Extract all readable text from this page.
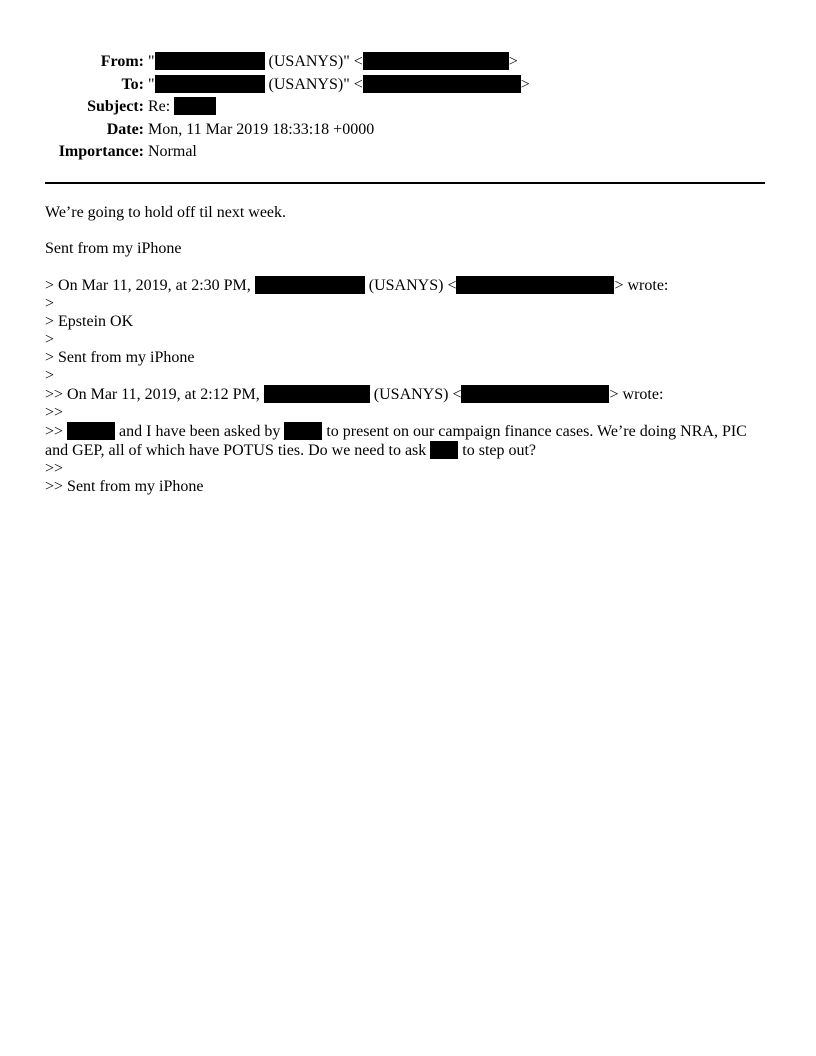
From: "	(USANYS)" <	>
To: "	(USANYS)" <	>
Subject: Re:
Date: Mon, 11 Mar 2019 18:33:18 +0000
Importance: Normal
We’re going to hold off til next week.
Sent from my iPhone
> On Mar 11, 2019, at 2:30 PM,	(USANYS) <	> wrote:
>
> Epstein OK
>
> Sent from my iPhone
>
>> On Mar 11, 2019, at 2:12 PM,	(USANYS) <	> wrote:
>>
>>	and I have been asked by  to present on our campaign finance cases. We’re doing NRA, PIC and GEP, all of which have POTUS ties. Do we need to ask  to step out?
>>
>> Sent from my iPhone
